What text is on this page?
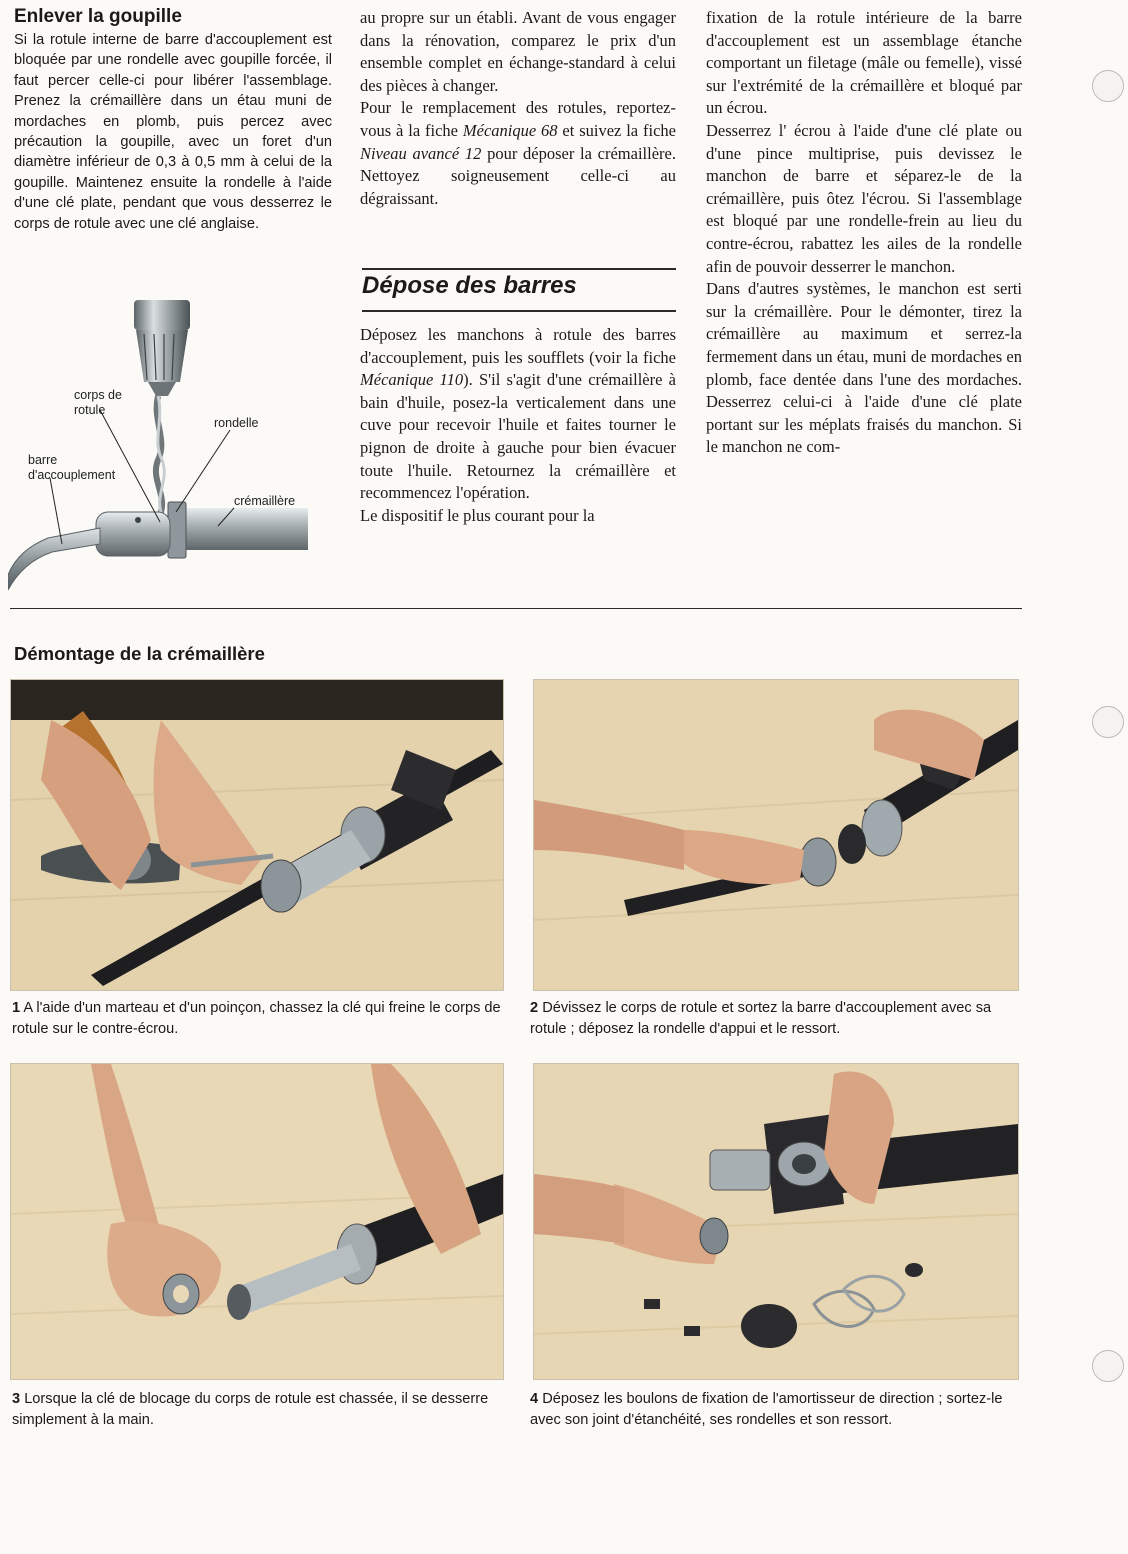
Enlever la goupille
Si la rotule interne de barre d'accouplement est bloquée par une rondelle avec goupille forcée, il faut percer celle-ci pour libérer l'assemblage. Prenez la crémaillère dans un étau muni de mordaches en plomb, puis percez avec précaution la goupille, avec un foret d'un diamètre inférieur de 0,3 à 0,5 mm à celui de la goupille. Maintenez ensuite la rondelle à l'aide d'une clé plate, pendant que vous desserrez le corps de rotule avec une clé anglaise.
corps de rotule
rondelle
barre d'accouplement
crémaillère

au propre sur un établi. Avant de vous engager dans la rénovation, comparez le prix d'un ensemble complet en échange-standard à celui des pièces à changer.

Pour le remplacement des rotules, reportez-vous à la fiche Mécanique 68 et suivez la fiche Niveau avancé 12 pour déposer la crémaillère. Nettoyez soigneusement celle-ci au dégraissant.

Dépose des barres

Déposez les manchons à rotule des barres d'accouplement, puis les soufflets (voir la fiche Mécanique 110). S'il s'agit d'une crémaillère à bain d'huile, posez-la verticalement dans une cuve pour recevoir l'huile et faites tourner le pignon de droite à gauche pour bien évacuer toute l'huile. Retournez la crémaillère et recommencez l'opération.

Le dispositif le plus courant pour la

fixation de la rotule intérieure de la barre d'accouplement est un assemblage étanche comportant un filetage (mâle ou femelle), vissé sur l'extrémité de la crémaillère et bloqué par un écrou.

Desserrez l' écrou à l'aide d'une clé plate ou d'une pince multiprise, puis devissez le manchon de barre et séparez-le de la crémaillère, puis ôtez l'écrou. Si l'assemblage est bloqué par une rondelle-frein au lieu du contre-écrou, rabattez les ailes de la rondelle afin de pouvoir desserrer le manchon.

Dans d'autres systèmes, le manchon est serti sur la crémaillère. Pour le démonter, tirez la crémaillère au maximum et serrez-la fermement dans un étau, muni de mordaches en plomb, face dentée dans l'une des mordaches. Desserrez celui-ci à l'aide d'une clé plate portant sur les méplats fraisés du manchon. Si le manchon ne com-

Démontage de la crémaillère
1 A l'aide d'un marteau et d'un poinçon, chassez la clé qui freine le corps de rotule sur le contre-écrou.
2 Dévissez le corps de rotule et sortez la barre d'accouplement avec sa rotule ; déposez la rondelle d'appui et le ressort.
3 Lorsque la clé de blocage du corps de rotule est chassée, il se desserre simplement à la main.
4 Déposez les boulons de fixation de l'amortisseur de direction ; sortez-le avec son joint d'étanchéité, ses rondelles et son ressort.
